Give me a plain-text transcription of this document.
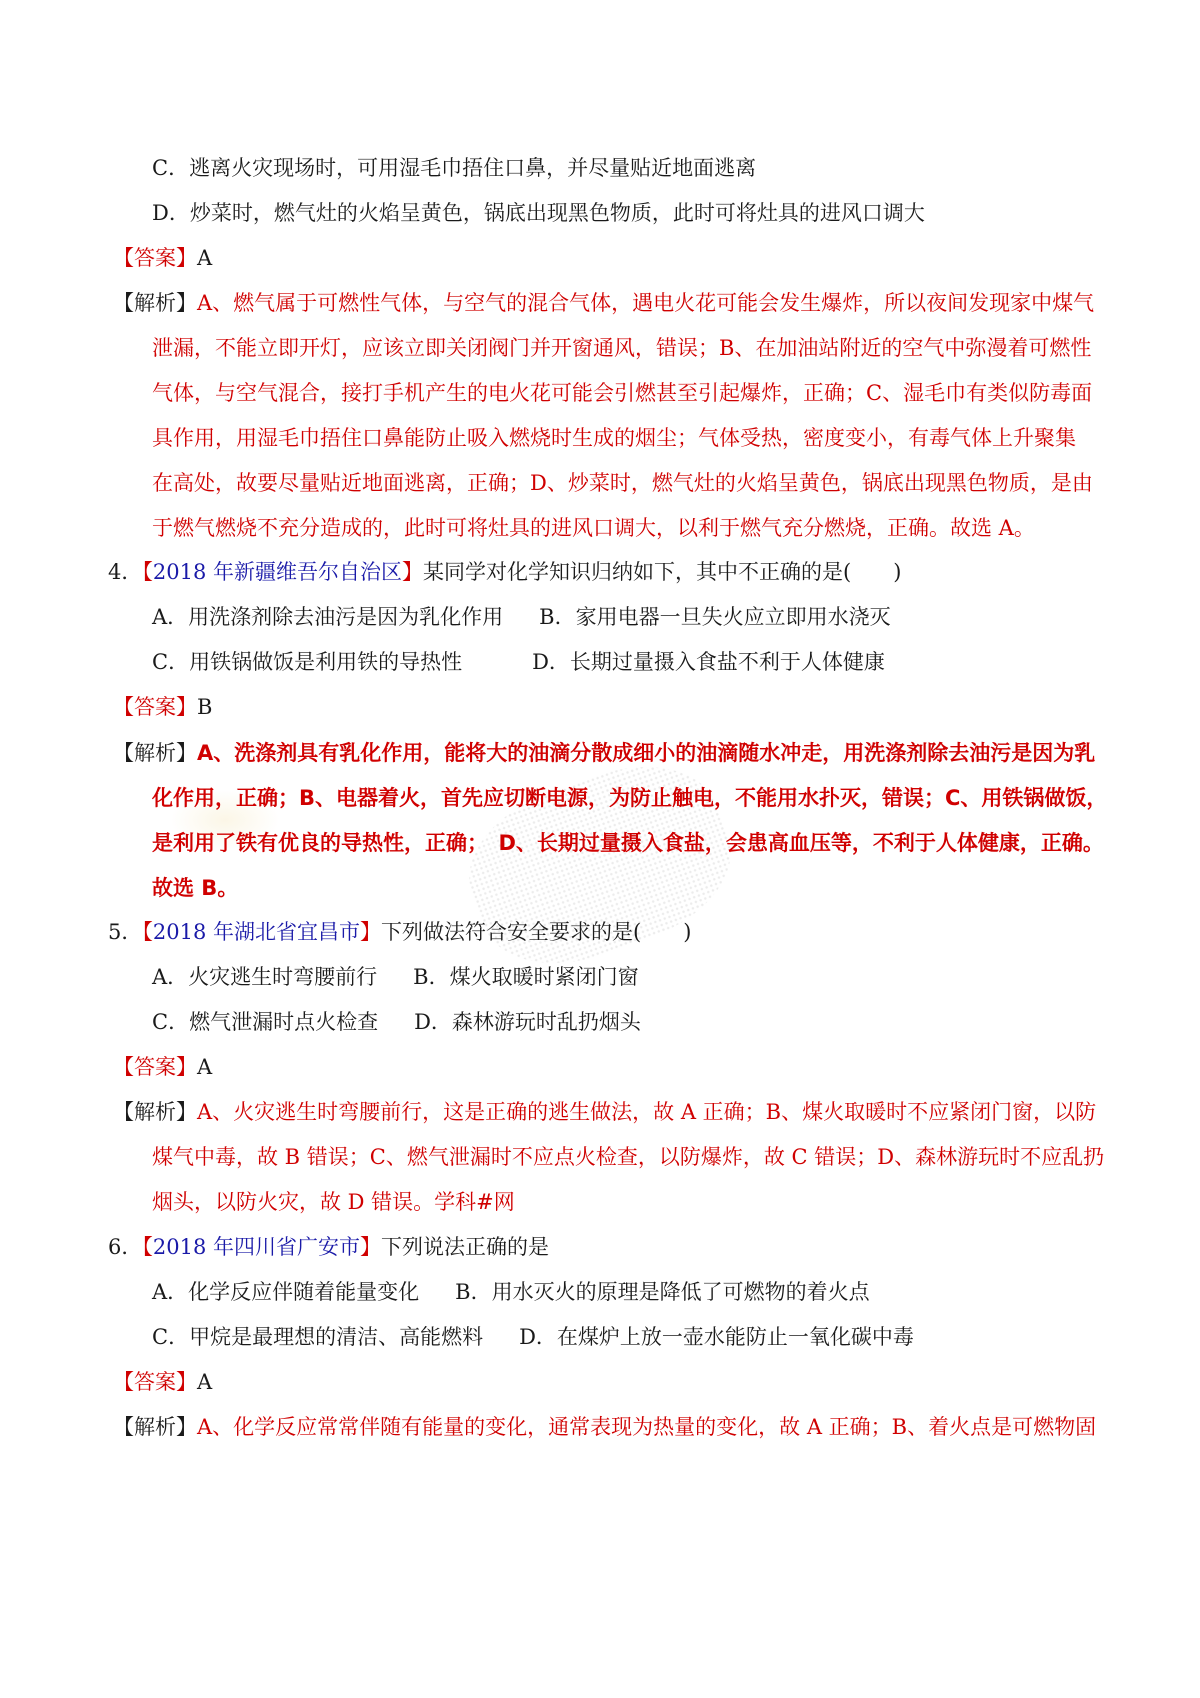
C．逃离火灾现场时，可用湿毛巾捂住口鼻，并尽量贴近地面逃离
D．炒菜时，燃气灶的火焰呈黄色，锅底出现黑色物质，此时可将灶具的进风口调大
【答案】A
【解析】A、燃气属于可燃性气体，与空气的混合气体，遇电火花可能会发生爆炸，所以夜间发现家中煤气
泄漏，不能立即开灯，应该立即关闭阀门并开窗通风，错误；B、在加油站附近的空气中弥漫着可燃性
气体，与空气混合，接打手机产生的电火花可能会引燃甚至引起爆炸，正确；C、湿毛巾有类似防毒面
具作用，用湿毛巾捂住口鼻能防止吸入燃烧时生成的烟尘；气体受热，密度变小，有毒气体上升聚集
在高处，故要尽量贴近地面逃离，正确；D、炒菜时，燃气灶的火焰呈黄色，锅底出现黑色物质，是由
于燃气燃烧不充分造成的，此时可将灶具的进风口调大，以利于燃气充分燃烧，正确。故选 A。
4．【2018 年新疆维吾尔自治区】某同学对化学知识归纳如下，其中不正确的是(　　)
A．用洗涤剂除去油污是因为乳化作用 B．家用电器一旦失火应立即用水浇灭
C．用铁锅做饭是利用铁的导热性	D．长期过量摄入食盐不利于人体健康
【答案】B
【解析】A、洗涤剂具有乳化作用，能将大的油滴分散成细小的油滴随水冲走，用洗涤剂除去油污是因为乳
化作用，正确；B、电器着火，首先应切断电源，为防止触电，不能用水扑灭，错误；C、用铁锅做饭，
是利用了铁有优良的导热性，正确；　D、长期过量摄入食盐，会患高血压等，不利于人体健康，正确。
故选 B。
5．【2018 年湖北省宜昌市】下列做法符合安全要求的是(　　)
A．火灾逃生时弯腰前行 B．煤火取暖时紧闭门窗
C．燃气泄漏时点火检查 D．森林游玩时乱扔烟头
【答案】A
【解析】A、火灾逃生时弯腰前行，这是正确的逃生做法，故 A 正确；B、煤火取暖时不应紧闭门窗，以防
煤气中毒，故 B 错误；C、燃气泄漏时不应点火检查，以防爆炸，故 C 错误；D、森林游玩时不应乱扔
烟头，以防火灾，故 D 错误。学科#网
6．【2018 年四川省广安市】下列说法正确的是
A．化学反应伴随着能量变化 B．用水灭火的原理是降低了可燃物的着火点
C．甲烷是最理想的清洁、高能燃料 D．在煤炉上放一壶水能防止一氧化碳中毒
【答案】A
【解析】A、化学反应常常伴随有能量的变化，通常表现为热量的变化，故 A 正确；B、着火点是可燃物固
